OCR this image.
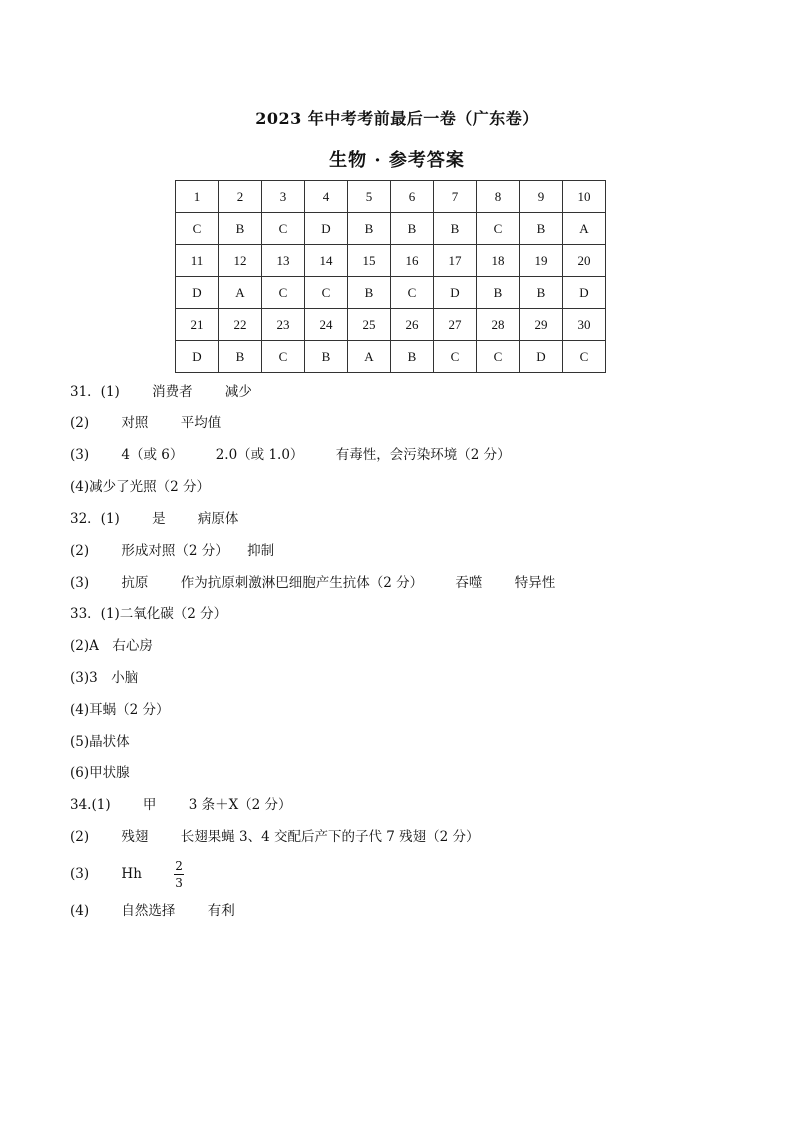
2023 年中考考前最后一卷（广东卷）
生物 · 参考答案
1	2	3	4	5	6	7	8	9	10
C	B	C	D	B	B	B	C	B	A
11	12	13	14	15	16	17	18	19	20
D	A	C	C	B	C	D	B	B	D
21	22	23	24	25	26	27	28	29	30
D	B	C	B	A	B	C	C	D	C
31．(1) 消费者 减少
(2) 对照 平均值
(3) 4（或 6） 2.0（或 1.0） 有毒性，会污染环境（2 分）
(4)减少了光照（2 分）
32．(1) 是 病原体
(2) 形成对照（2 分） 抑制
(3) 抗原 作为抗原刺激淋巴细胞产生抗体（2 分） 吞噬 特异性
33．(1)二氧化碳（2 分）
(2)A　右心房
(3)3　小脑
(4)耳蜗（2 分）
(5)晶状体
(6)甲状腺
34.(1) 甲 3 条＋X（2 分）
(2) 残翅 长翅果蝇 3、4 交配后产下的子代 7 残翅（2 分）
(3) Hh	$\frac{2}{3}$
(4) 自然选择 有利
